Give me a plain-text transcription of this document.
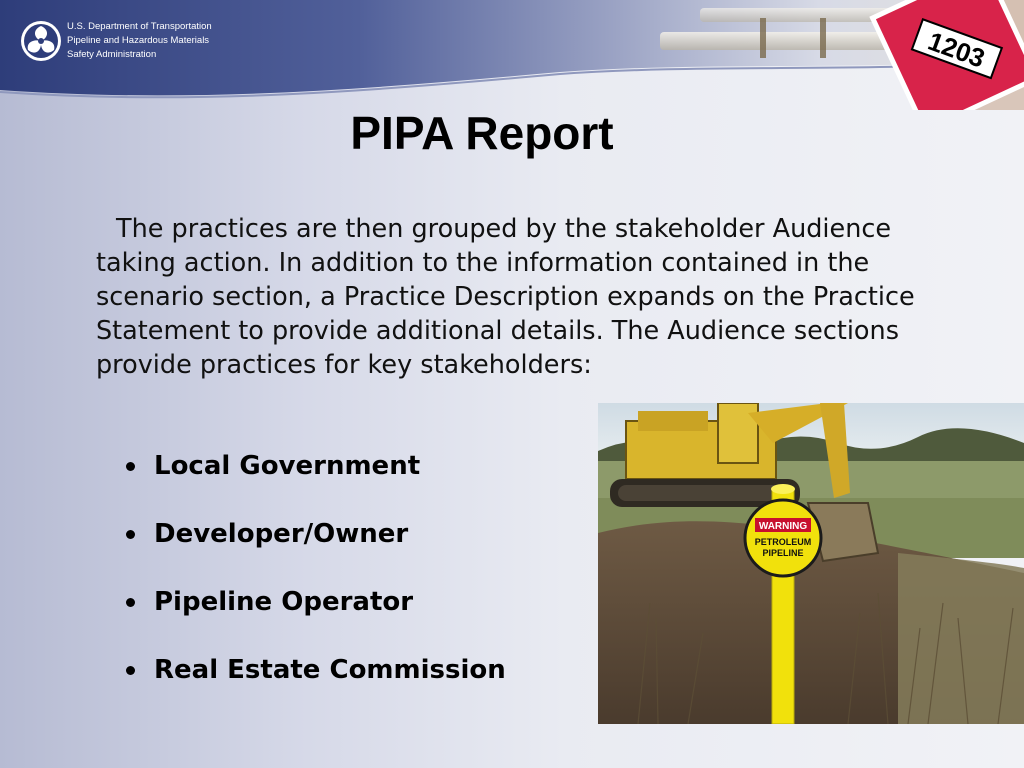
1203
U.S. Department of Transportation
Pipeline and Hazardous Materials
Safety Administration
PIPA Report
The practices are then grouped by the stakeholder Audience taking action. In addition to the information contained in the scenario section, a Practice Description expands on the Practice Statement to provide additional details. The Audience sections provide practices for key stakeholders:
Local Government
Developer/Owner
Pipeline Operator
Real Estate Commission
WARNING
PETROLEUM
PIPELINE
